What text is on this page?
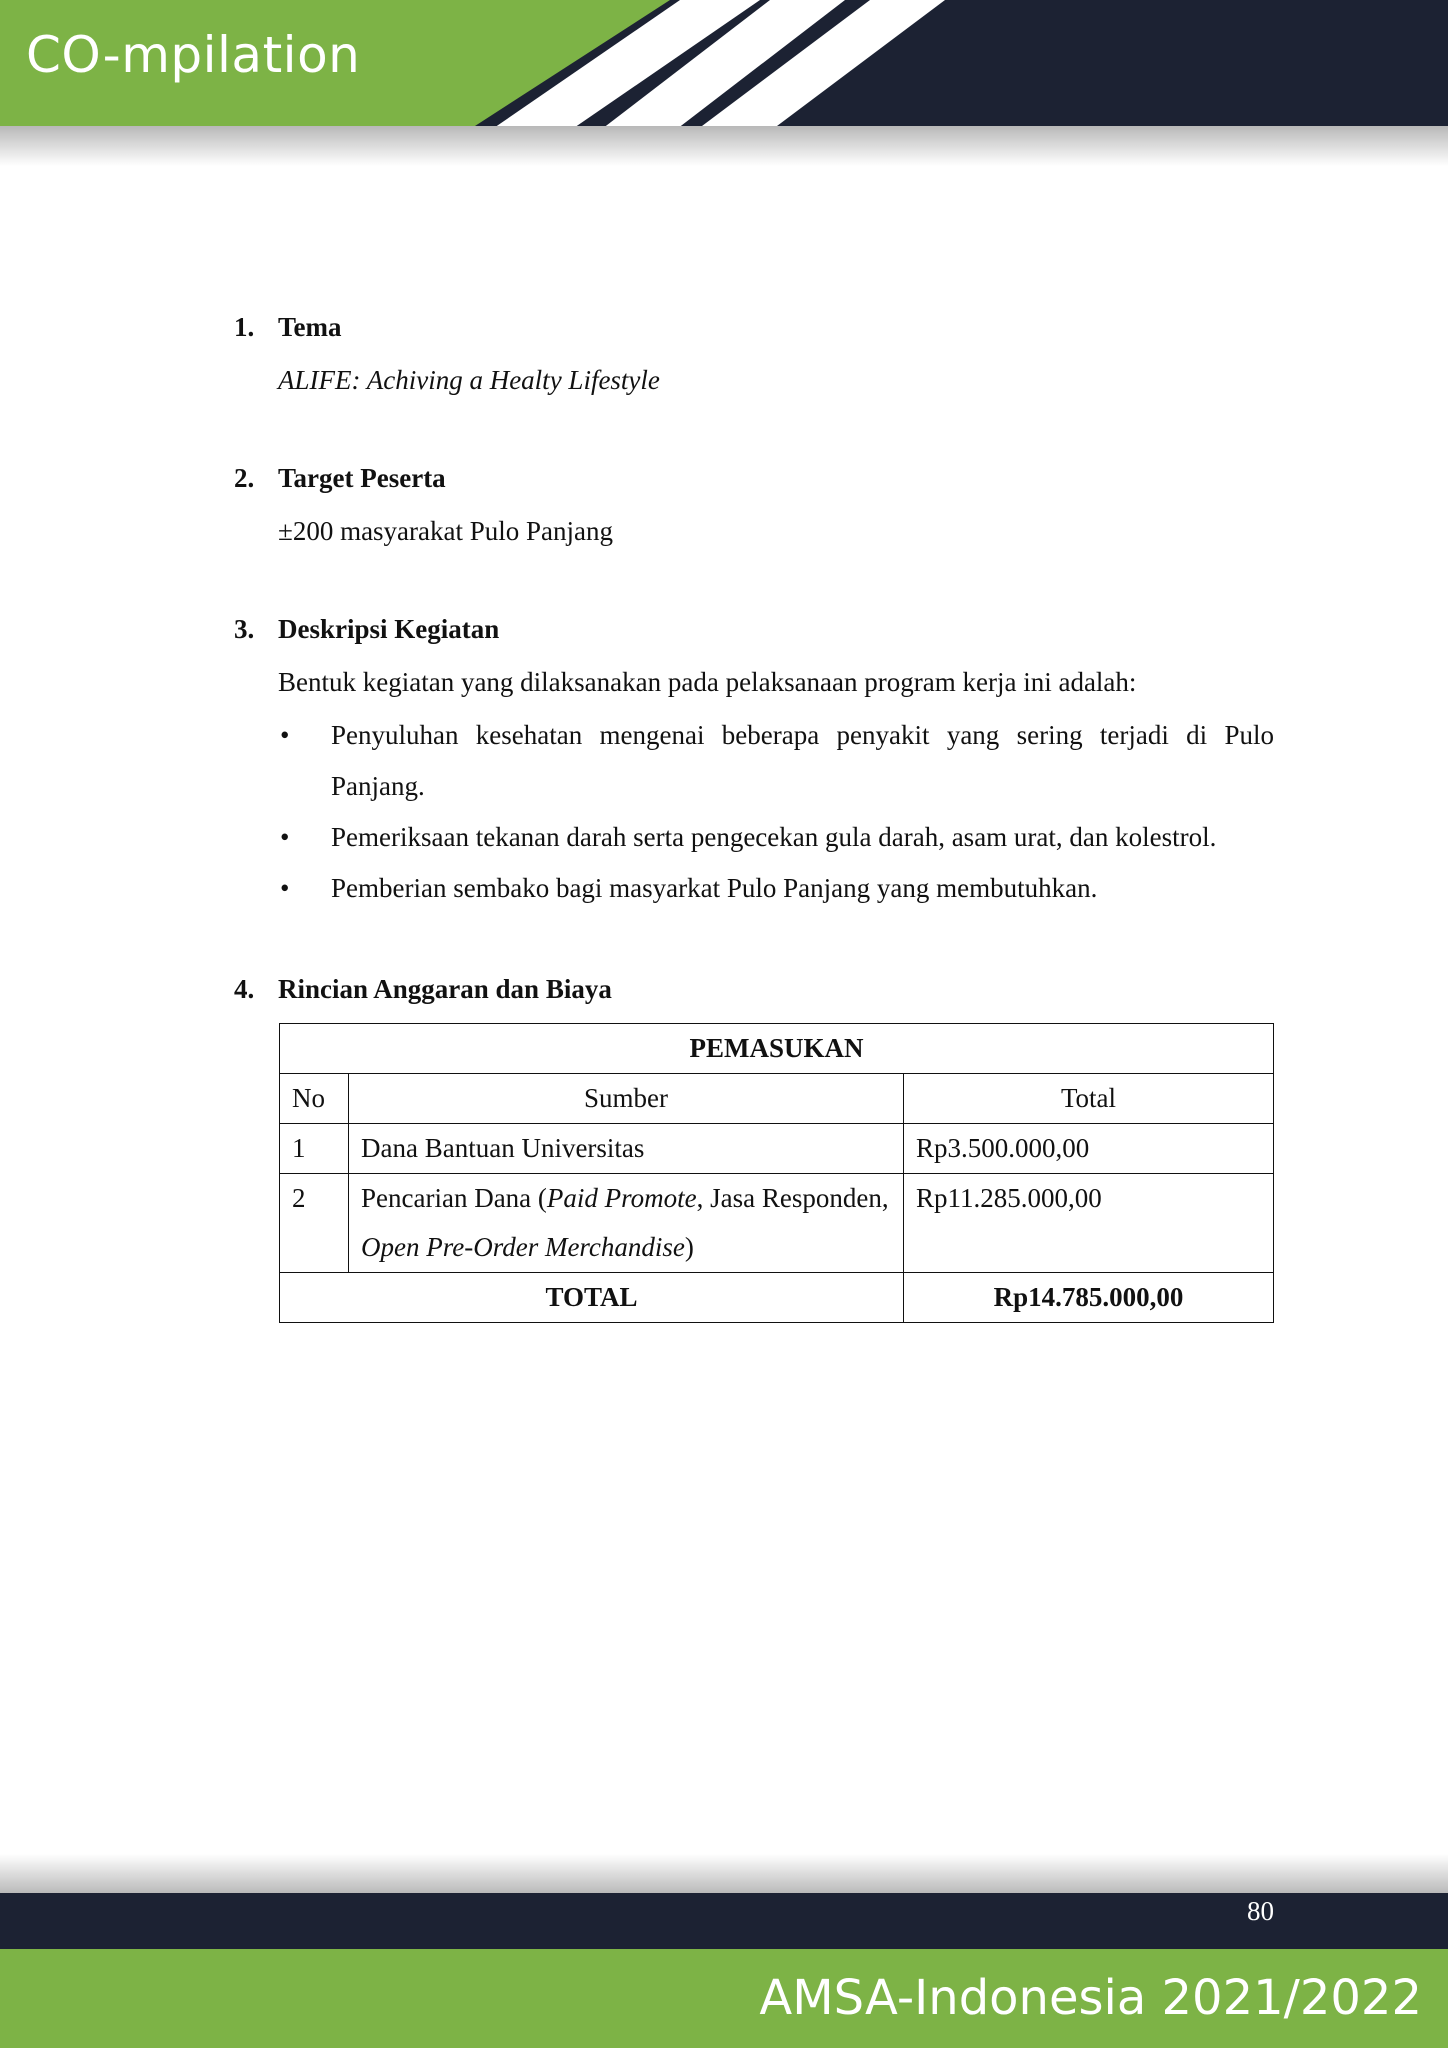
CO-mpilation
1. Tema
ALIFE: Achiving a Healty Lifestyle
2. Target Peserta
±200 masyarakat Pulo Panjang
3. Deskripsi Kegiatan
Bentuk kegiatan yang dilaksanakan pada pelaksanaan program kerja ini adalah:
• Penyuluhan kesehatan mengenai beberapa penyakit yang sering terjadi di Pulo Panjang.
• Pemeriksaan tekanan darah serta pengecekan gula darah, asam urat, dan kolestrol.
• Pemberian sembako bagi masyarkat Pulo Panjang yang membutuhkan.
4. Rincian Anggaran dan Biaya
PEMASUKAN		
No	Sumber	Total
1	Dana Bantuan Universitas	Rp3.500.000,00
2	Pencarian Dana (Paid Promote, Jasa Responden, Open Pre-Order Merchandise)	Rp11.285.000,00
TOTAL		Rp14.785.000,00
80
AMSA-Indonesia 2021/2022
